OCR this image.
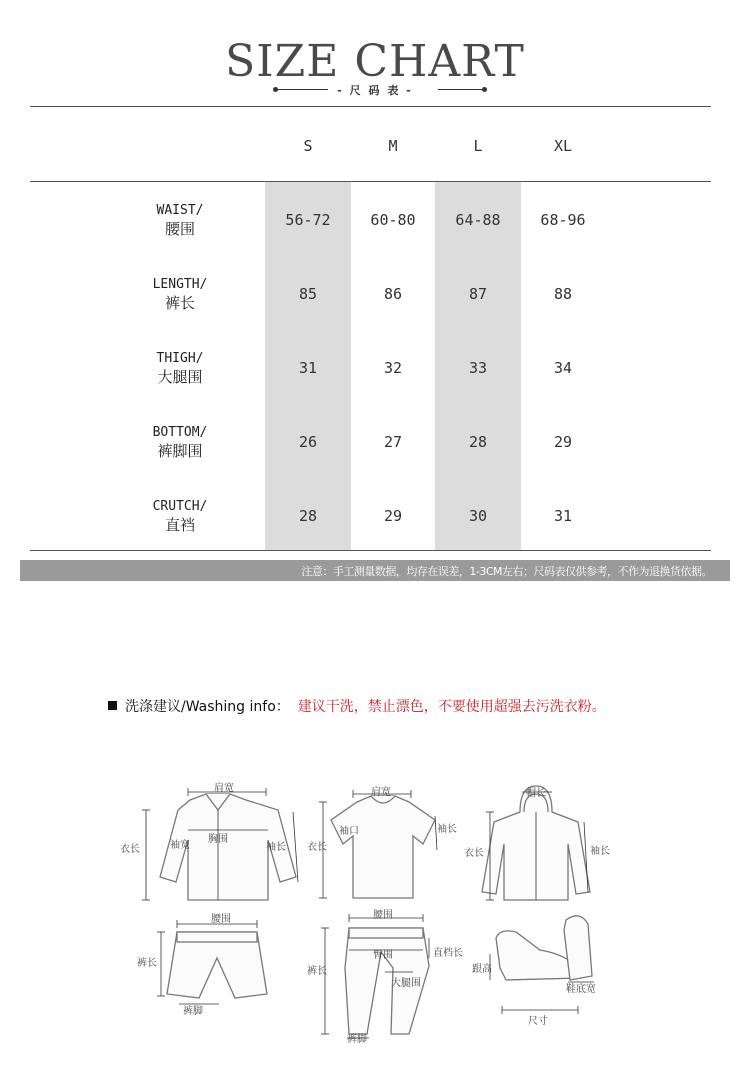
SIZE CHART
- 尺 码 表 -
S	M	L	XL
WAIST/
腰围	56-72	60-80	64-88	68-96
LENGTH/
裤长	85	86	87	88
THIGH/
大腿围	31	32	33	34
BOTTOM/
裤脚围	26	27	28	29
CRUTCH/
直裆	28	29	30	31
注意：手工测量数据，均存在误差，1-3CM左右；尺码表仅供参考，不作为退换货依据。
洗涤建议/Washing info： 建议干洗，禁止漂色，不要使用超强去污洗衣粉。
肩宽
胸围
衣长	袖宽	袖长
肩宽
袖口
衣长
袖长
帽长
衣长	袖长
腰围
裤长
裤脚
腰围
臀围	直档长
裤长
大腿围
裤脚
跟高
鞋底宽
尺寸
